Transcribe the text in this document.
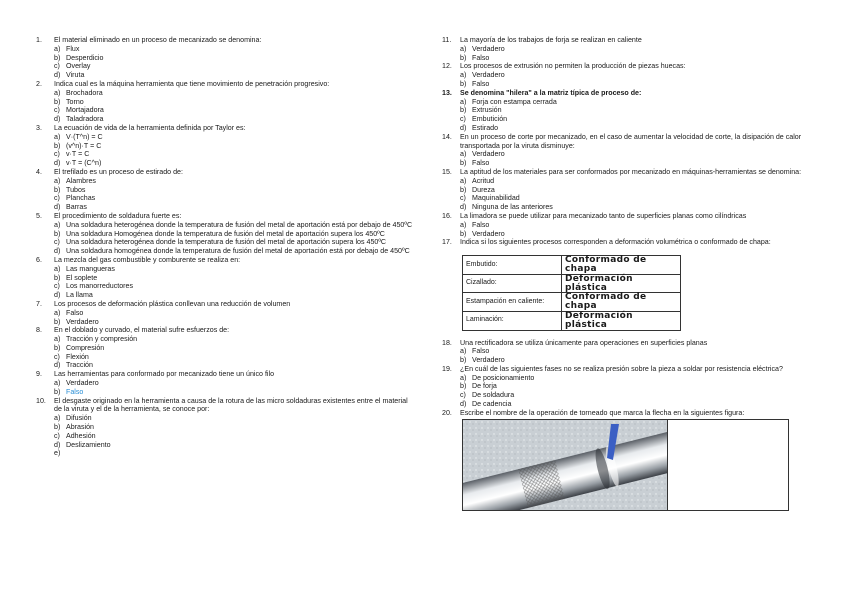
1.	El material eliminado en un proceso de mecanizado se denomina:
a) Flux
b) Desperdicio
c) Overlay
d) Viruta
2.	Indica cual es la máquina herramienta que tiene movimiento de penetración progresivo:
a) Brochadora
b) Torno
c) Mortajadora
d) Taladradora
3.	La ecuación de vida de la herramienta definida por Taylor es:
a) V·(T^n) = C
b) (v^n)·T = C
c) v·T = C
d) v·T = (C^n)
4.	El trefilado es un proceso de estirado de:
a) Alambres
b) Tubos
c) Planchas
d) Barras
5.	El procedimiento de soldadura fuerte es:
a) Una soldadura heterogénea donde la temperatura de fusión del metal de aportación está por debajo de 450ºC
b) Una soldadura Homogénea donde la temperatura de fusión del metal de aportación supera los 450ºC
c) Una soldadura heterogénea donde la temperatura de fusión del metal de aportación supera los 450ºC
d) Una soldadura homogénea donde la temperatura de fusión del metal de aportación está por debajo de 450ºC
6.	La mezcla del gas combustible y comburente se realiza en:
a) Las mangueras
b) El soplete
c) Los manorreductores
d) La llama
7.	Los procesos de deformación plástica conllevan una reducción de volumen
a) Falso
b) Verdadero
8.	En el doblado y curvado, el material sufre esfuerzos de:
a) Tracción y compresión
b) Compresión
c) Flexión
d) Tracción
9.	Las herramientas para conformado por mecanizado tiene un único filo
a) Verdadero
b) Falso
10.	El desgaste originado en la herramienta a causa de la rotura de las micro soldaduras existentes entre el material de la viruta y el de la herramienta, se conoce por:
a) Difusión
b) Abrasión
c) Adhesión
d) Deslizamiento
e)
11.	La mayoría de los trabajos de forja se realizan en caliente
a) Verdadero
b) Falso
12.	Los procesos de extrusión no permiten la producción de piezas huecas:
a) Verdadero
b) Falso
13.	Se denomina "hilera" a la matriz típica de proceso de:
a) Forja con estampa cerrada
b) Extrusión
c) Embutición
d) Estirado
14.	En un proceso de corte por mecanizado, en el caso de aumentar la velocidad de corte, la disipación de calor transportada por la viruta disminuye:
a) Verdadero
b) Falso
15.	La aptitud de los materiales para ser conformados por mecanizado en máquinas-herramientas se denomina:
a) Acritud
b) Dureza
c) Maquinabilidad
d) Ninguna de las anteriores
16.	La limadora se puede utilizar para mecanizado tanto de superficies planas como cilíndricas
a) Falso
b) Verdadero
17.	Indica si los siguientes procesos corresponden a deformación volumétrica o conformado de chapa:
Embutido:	Conformado de chapa
Cizallado:	Deformación plástica
Estampación en caliente:	Conformado de chapa
Laminación:	Deformación plástica
18.	Una rectificadora se utiliza únicamente para operaciones en superficies planas
a) Falso
b) Verdadero
19.	¿En cuál de las siguientes fases no se realiza presión sobre la pieza a soldar por resistencia eléctrica?
a) De posicionamiento
b) De forja
c) De soldadura
d) De cadencia
20.	Escribe el nombre de la operación de torneado que marca la flecha en la siguientes figura:
